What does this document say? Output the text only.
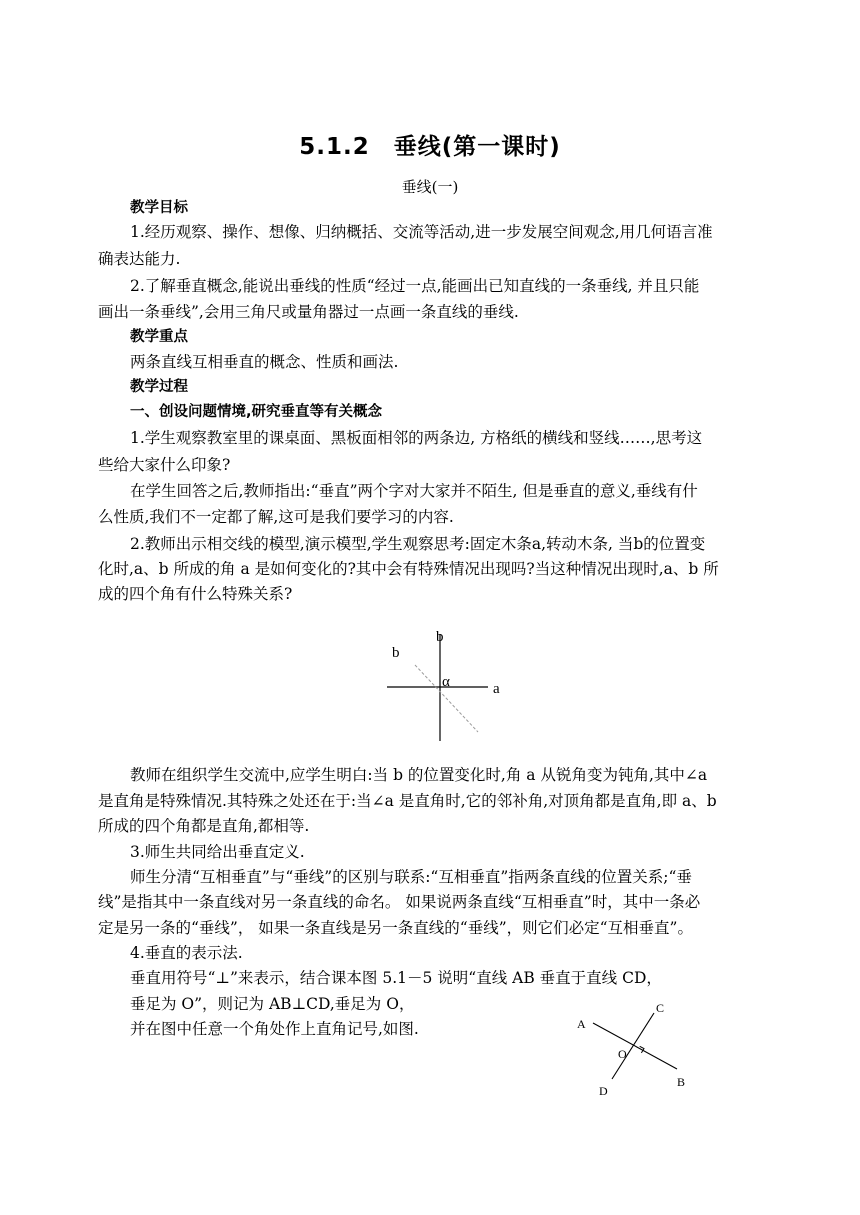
5.1.2　垂线(第一课时)
垂线(一)
教学目标
1.经历观察、操作、想像、归纳概括、交流等活动,进一步发展空间观念,用几何语言准
确表达能力.
2.了解垂直概念,能说出垂线的性质“经过一点,能画出已知直线的一条垂线, 并且只能
画出一条垂线”,会用三角尺或量角器过一点画一条直线的垂线.
教学重点
两条直线互相垂直的概念、性质和画法.
教学过程
一、创设问题情境,研究垂直等有关概念
1.学生观察教室里的课桌面、黑板面相邻的两条边, 方格纸的横线和竖线……,思考这
些给大家什么印象?
在学生回答之后,教师指出:“垂直”两个字对大家并不陌生, 但是垂直的意义,垂线有什
么性质,我们不一定都了解,这可是我们要学习的内容.
2.教师出示相交线的模型,演示模型,学生观察思考:固定木条a,转动木条, 当b的位置变
化时,a、b 所成的角 a 是如何变化的?其中会有特殊情况出现吗?当这种情况出现时,a、b 所
成的四个角有什么特殊关系?
b
b
α	a
教师在组织学生交流中,应学生明白:当 b 的位置变化时,角 a 从锐角变为钝角,其中∠a
是直角是特殊情况.其特殊之处还在于:当∠a 是直角时,它的邻补角,对顶角都是直角,即 a、b
所成的四个角都是直角,都相等.
3.师生共同给出垂直定义.
师生分清“互相垂直”与“垂线”的区别与联系:“互相垂直”指两条直线的位置关系;“垂
线”是指其中一条直线对另一条直线的命名。 如果说两条直线“互相垂直”时，其中一条必
定是另一条的“垂线”， 如果一条直线是另一条直线的“垂线”，则它们必定“互相垂直”。
4.垂直的表示法.
垂直用符号“⊥”来表示，结合课本图 5.1－5 说明“直线 AB 垂直于直线 CD，
垂足为 O”，则记为 AB⊥CD,垂足为 O，
并在图中任意一个角处作上直角记号,如图.	A
C
O
D
B
